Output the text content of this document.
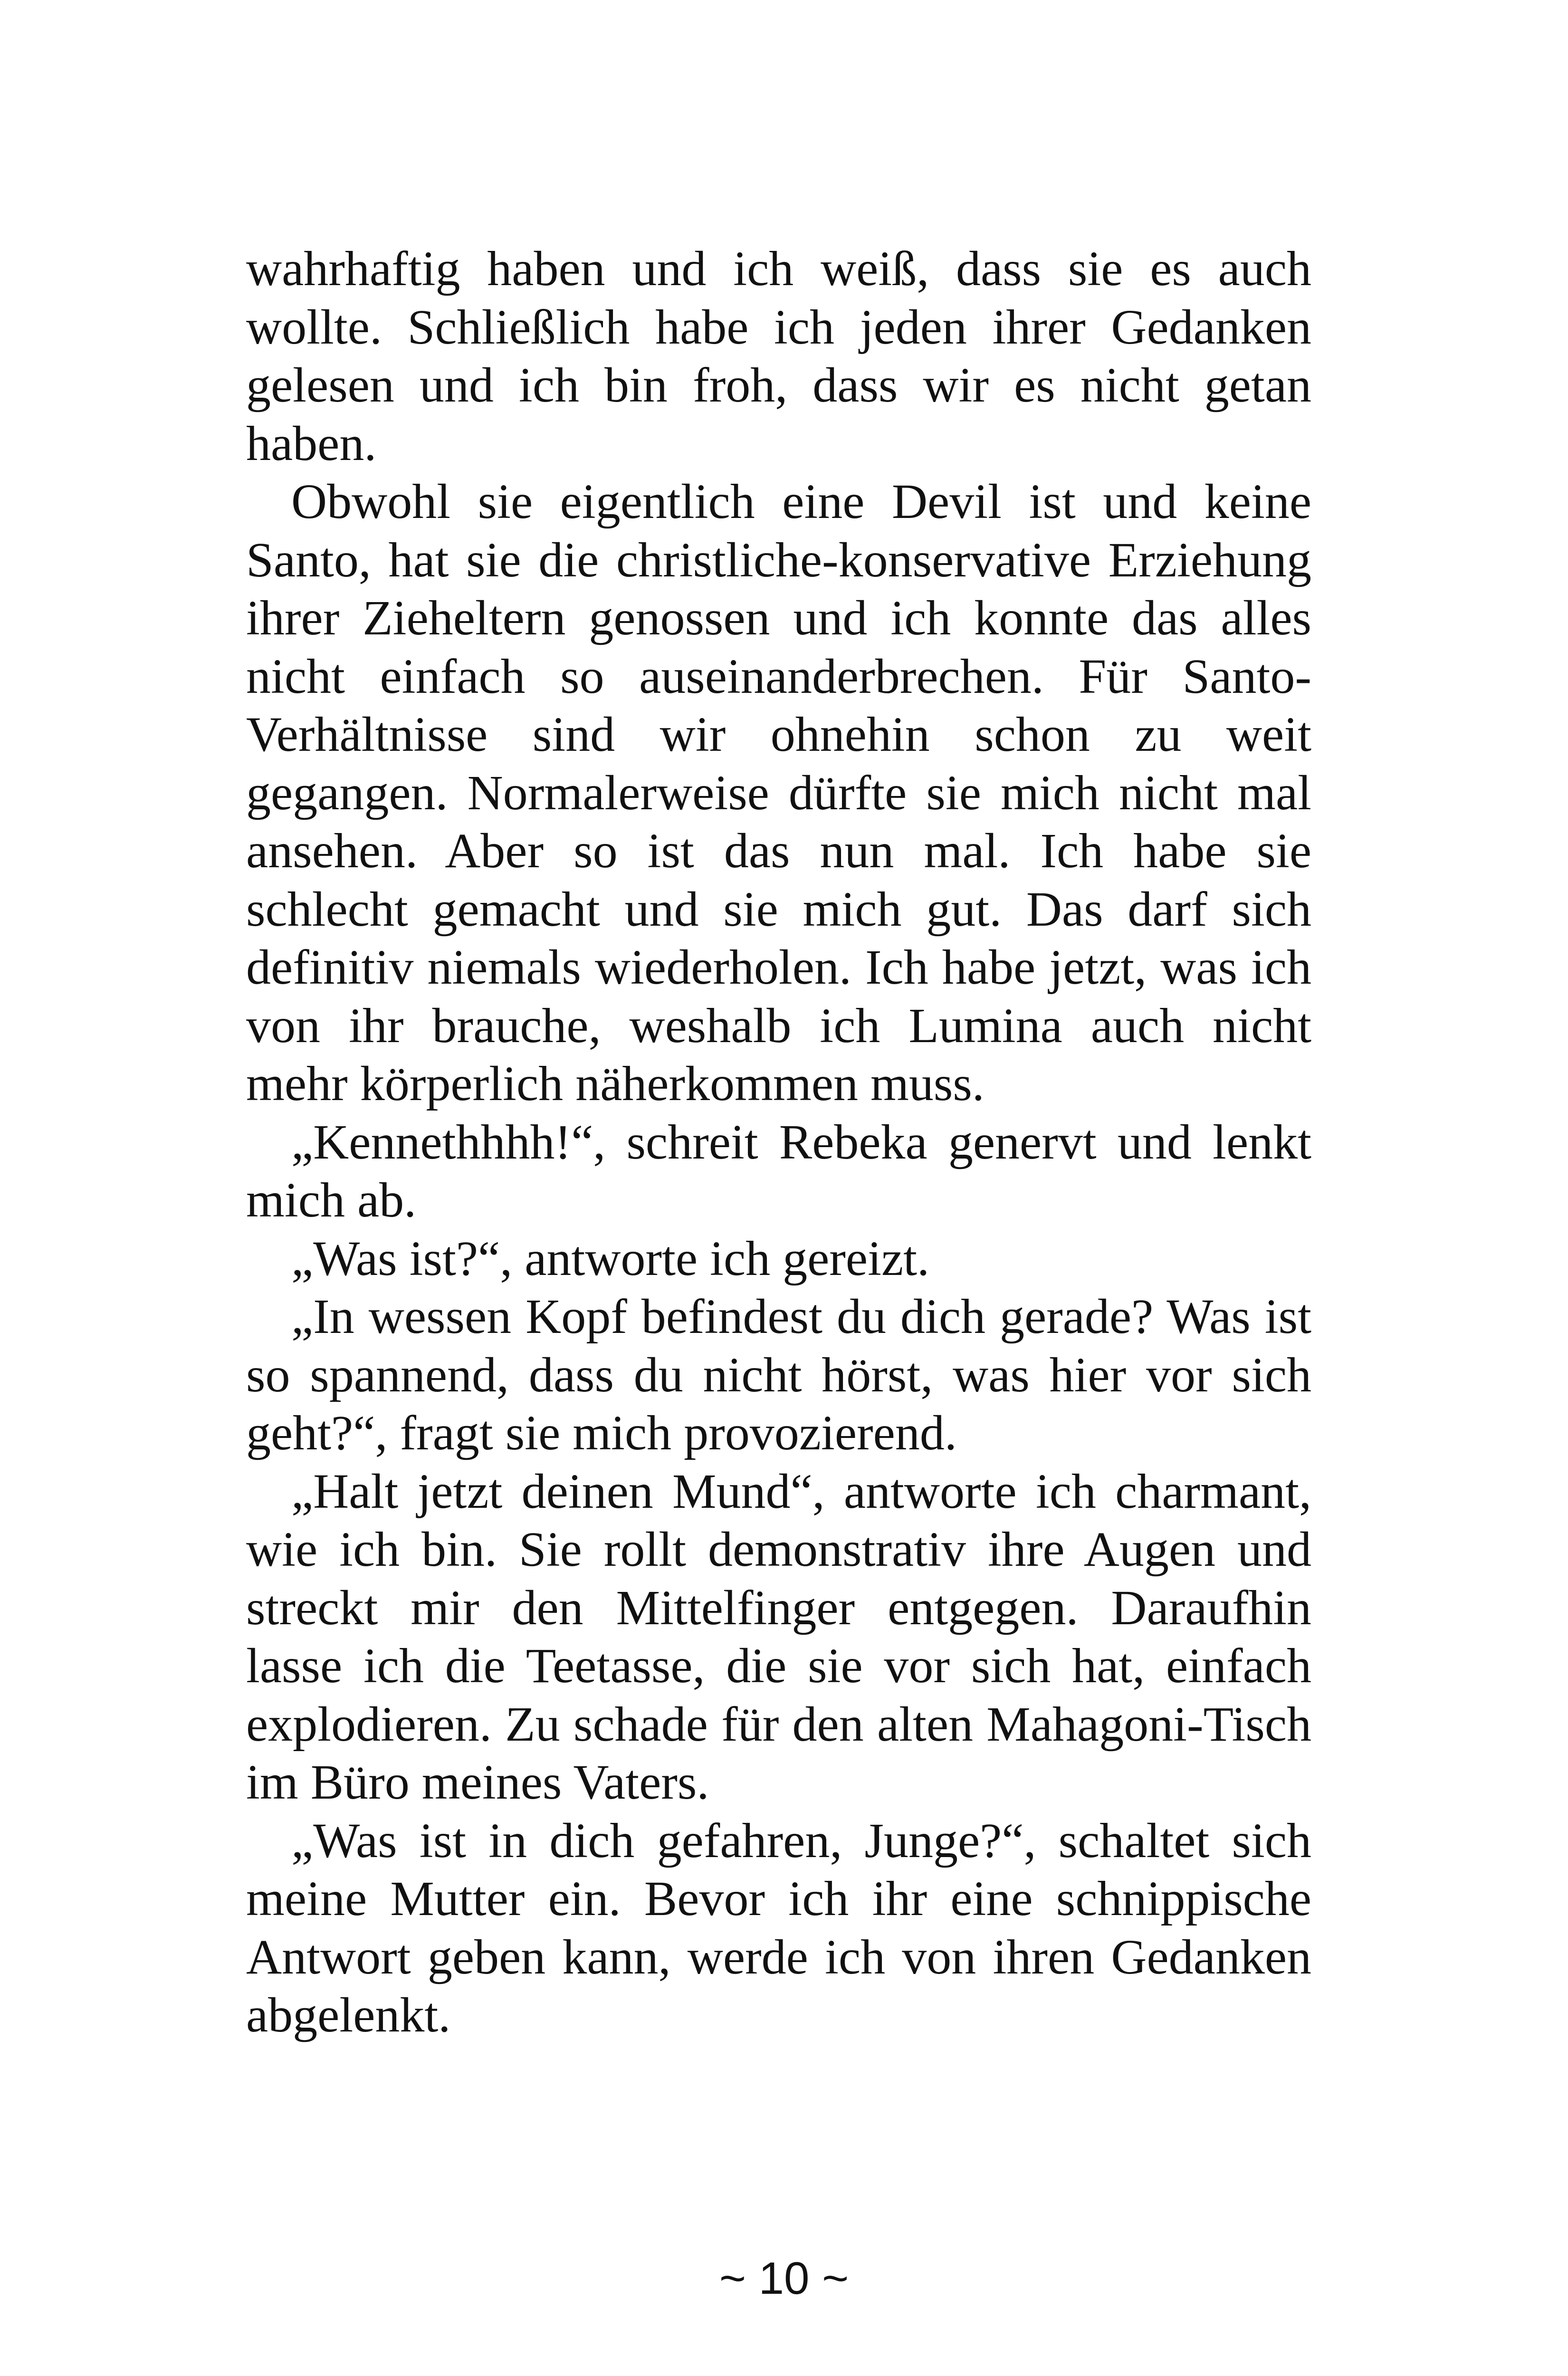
wahrhaftig haben und ich weiß, dass sie es auch wollte. Schließlich habe ich jeden ihrer Gedanken gelesen und ich bin froh, dass wir es nicht getan haben.

Obwohl sie eigentlich eine Devil ist und keine Santo, hat sie die christliche-konservative Erziehung ihrer Zieheltern genossen und ich konnte das alles nicht einfach so auseinanderbrechen. Für Santo-Verhältnisse sind wir ohnehin schon zu weit gegangen. Normalerweise dürfte sie mich nicht mal ansehen. Aber so ist das nun mal. Ich habe sie schlecht gemacht und sie mich gut. Das darf sich definitiv niemals wiederholen. Ich habe jetzt, was ich von ihr brauche, weshalb ich Lumina auch nicht mehr körperlich näherkommen muss.

„Kennethhhh!“, schreit Rebeka genervt und lenkt mich ab.

„Was ist?“, antworte ich gereizt.

„In wessen Kopf befindest du dich gerade? Was ist so spannend, dass du nicht hörst, was hier vor sich geht?“, fragt sie mich provozierend.

„Halt jetzt deinen Mund“, antworte ich charmant, wie ich bin. Sie rollt demonstrativ ihre Augen und streckt mir den Mittelfinger entgegen. Daraufhin lasse ich die Teetasse, die sie vor sich hat, einfach explodieren. Zu schade für den alten Mahagoni-Tisch im Büro meines Vaters.

„Was ist in dich gefahren, Junge?“, schaltet sich meine Mutter ein. Bevor ich ihr eine schnippische Antwort geben kann, werde ich von ihren Gedanken abgelenkt.

~ 10 ~
